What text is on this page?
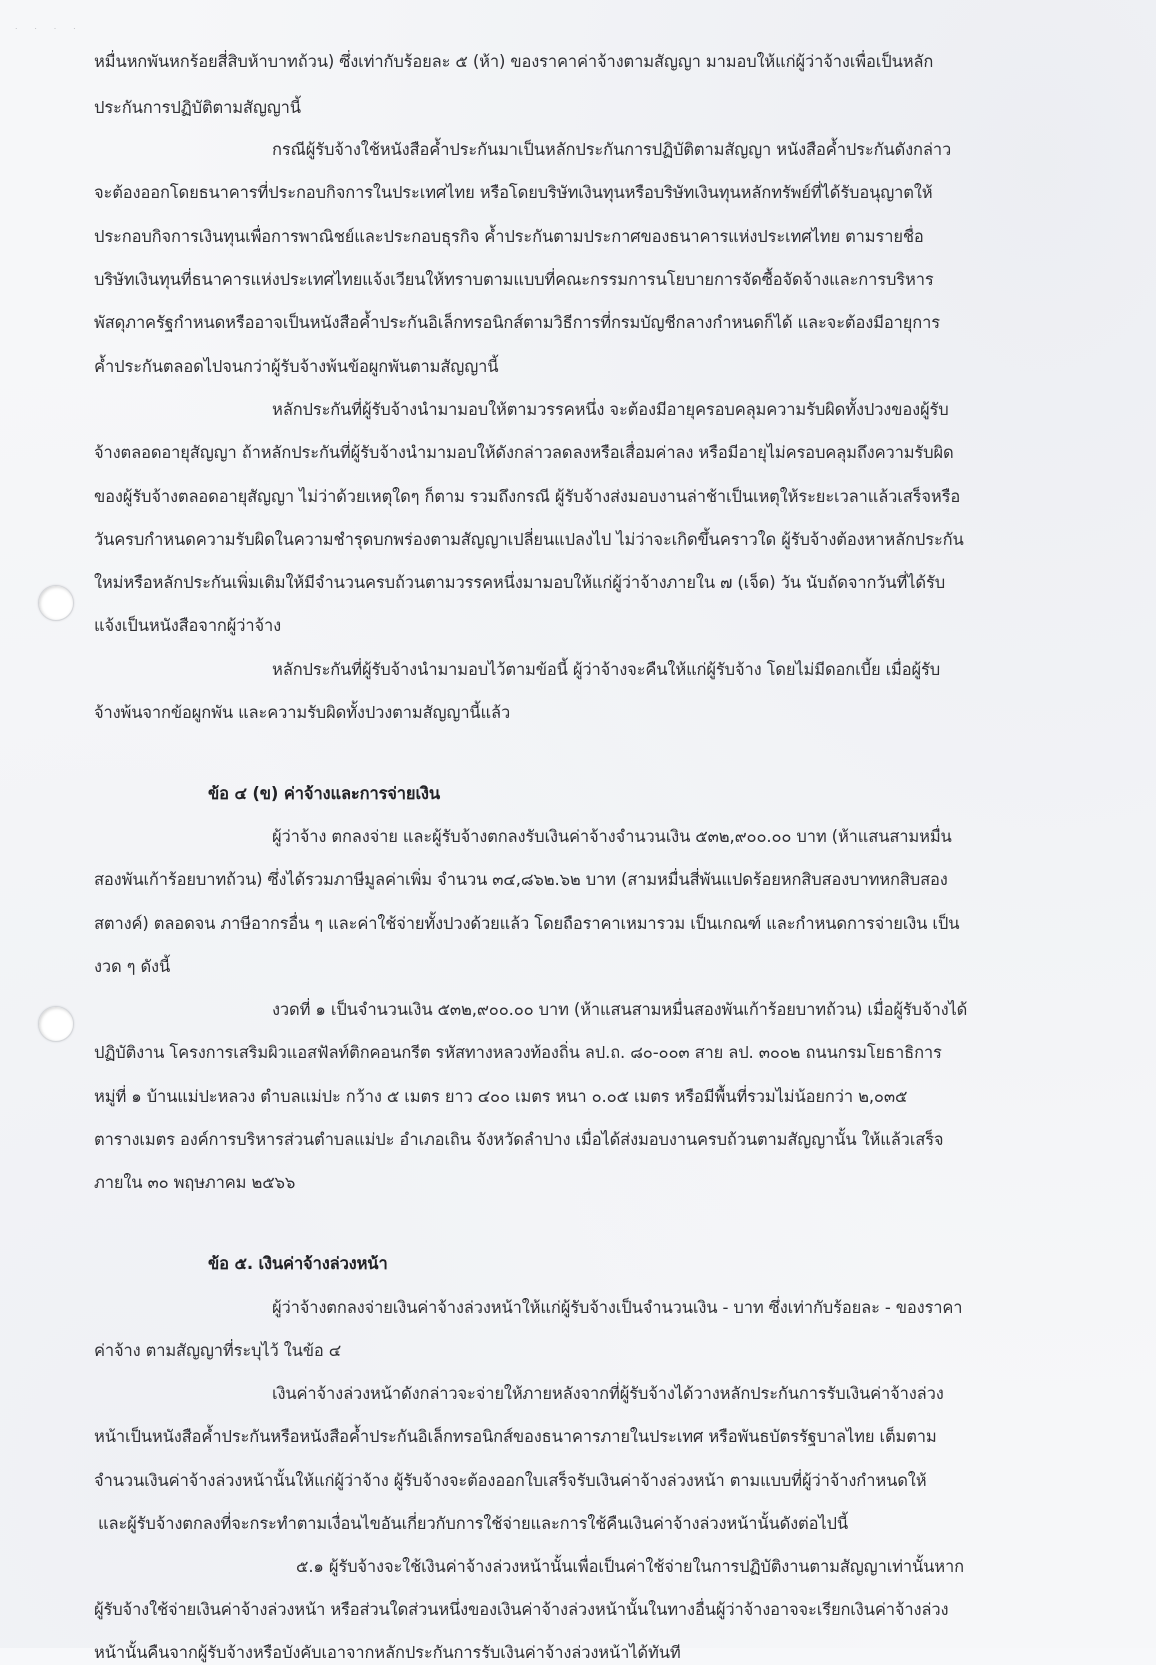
˙ ˙ ˙ ˙
หมื่นหกพันหกร้อยสี่สิบห้าบาทถ้วน) ซึ่งเท่ากับร้อยละ ๕ (ห้า) ของราคาค่าจ้างตามสัญญา มามอบให้แก่ผู้ว่าจ้างเพื่อเป็นหลัก
ประกันการปฏิบัติตามสัญญานี้
กรณีผู้รับจ้างใช้หนังสือค้ำประกันมาเป็นหลักประกันการปฏิบัติตามสัญญา หนังสือค้ำประกันดังกล่าว
จะต้องออกโดยธนาคารที่ประกอบกิจการในประเทศไทย หรือโดยบริษัทเงินทุนหรือบริษัทเงินทุนหลักทรัพย์ที่ได้รับอนุญาตให้
ประกอบกิจการเงินทุนเพื่อการพาณิชย์และประกอบธุรกิจ ค้ำประกันตามประกาศของธนาคารแห่งประเทศไทย ตามรายชื่อ
บริษัทเงินทุนที่ธนาคารแห่งประเทศไทยแจ้งเวียนให้ทราบตามแบบที่คณะกรรมการนโยบายการจัดซื้อจัดจ้างและการบริหาร
พัสดุภาครัฐกำหนดหรืออาจเป็นหนังสือค้ำประกันอิเล็กทรอนิกส์ตามวิธีการที่กรมบัญชีกลางกำหนดก็ได้ และจะต้องมีอายุการ
ค้ำประกันตลอดไปจนกว่าผู้รับจ้างพ้นข้อผูกพันตามสัญญานี้
หลักประกันที่ผู้รับจ้างนำมามอบให้ตามวรรคหนึ่ง จะต้องมีอายุครอบคลุมความรับผิดทั้งปวงของผู้รับ
จ้างตลอดอายุสัญญา ถ้าหลักประกันที่ผู้รับจ้างนำมามอบให้ดังกล่าวลดลงหรือเสื่อมค่าลง หรือมีอายุไม่ครอบคลุมถึงความรับผิด
ของผู้รับจ้างตลอดอายุสัญญา ไม่ว่าด้วยเหตุใดๆ ก็ตาม รวมถึงกรณี ผู้รับจ้างส่งมอบงานล่าช้าเป็นเหตุให้ระยะเวลาแล้วเสร็จหรือ
วันครบกำหนดความรับผิดในความชำรุดบกพร่องตามสัญญาเปลี่ยนแปลงไป ไม่ว่าจะเกิดขึ้นคราวใด ผู้รับจ้างต้องหาหลักประกัน
ใหม่หรือหลักประกันเพิ่มเติมให้มีจำนวนครบถ้วนตามวรรคหนึ่งมามอบให้แก่ผู้ว่าจ้างภายใน ๗ (เจ็ด) วัน นับถัดจากวันที่ได้รับ
แจ้งเป็นหนังสือจากผู้ว่าจ้าง
หลักประกันที่ผู้รับจ้างนำมามอบไว้ตามข้อนี้ ผู้ว่าจ้างจะคืนให้แก่ผู้รับจ้าง โดยไม่มีดอกเบี้ย เมื่อผู้รับ
จ้างพ้นจากข้อผูกพัน และความรับผิดทั้งปวงตามสัญญานี้แล้ว
ข้อ ๔ (ข) ค่าจ้างและการจ่ายเงิน
ผู้ว่าจ้าง ตกลงจ่าย และผู้รับจ้างตกลงรับเงินค่าจ้างจำนวนเงิน ๕๓๒,๙๐๐.๐๐ บาท (ห้าแสนสามหมื่น
สองพันเก้าร้อยบาทถ้วน) ซึ่งได้รวมภาษีมูลค่าเพิ่ม จำนวน ๓๔,๘๖๒.๖๒ บาท (สามหมื่นสี่พันแปดร้อยหกสิบสองบาทหกสิบสอง
สตางค์) ตลอดจน ภาษีอากรอื่น ๆ และค่าใช้จ่ายทั้งปวงด้วยแล้ว โดยถือราคาเหมารวม เป็นเกณฑ์ และกำหนดการจ่ายเงิน เป็น
งวด ๆ ดังนี้
งวดที่ ๑ เป็นจำนวนเงิน ๕๓๒,๙๐๐.๐๐ บาท (ห้าแสนสามหมื่นสองพันเก้าร้อยบาทถ้วน) เมื่อผู้รับจ้างได้
ปฏิบัติงาน โครงการเสริมผิวแอสฟัลท์ติกคอนกรีต รหัสทางหลวงท้องถิ่น ลป.ถ. ๘๐-๐๐๓ สาย ลป. ๓๐๐๒ ถนนกรมโยธาธิการ
หมู่ที่ ๑ บ้านแม่ปะหลวง ตำบลแม่ปะ กว้าง ๕ เมตร ยาว ๔๐๐ เมตร หนา ๐.๐๕ เมตร หรือมีพื้นที่รวมไม่น้อยกว่า ๒,๐๓๕
ตารางเมตร องค์การบริหารส่วนตำบลแม่ปะ อำเภอเถิน จังหวัดลำปาง เมื่อได้ส่งมอบงานครบถ้วนตามสัญญานั้น ให้แล้วเสร็จ
ภายใน ๓๐ พฤษภาคม ๒๕๖๖
ข้อ ๕. เงินค่าจ้างล่วงหน้า
ผู้ว่าจ้างตกลงจ่ายเงินค่าจ้างล่วงหน้าให้แก่ผู้รับจ้างเป็นจำนวนเงิน - บาท ซึ่งเท่ากับร้อยละ - ของราคา
ค่าจ้าง ตามสัญญาที่ระบุไว้ ในข้อ ๔
เงินค่าจ้างล่วงหน้าดังกล่าวจะจ่ายให้ภายหลังจากที่ผู้รับจ้างได้วางหลักประกันการรับเงินค่าจ้างล่วง
หน้าเป็นหนังสือค้ำประกันหรือหนังสือค้ำประกันอิเล็กทรอนิกส์ของธนาคารภายในประเทศ หรือพันธบัตรรัฐบาลไทย เต็มตาม
จำนวนเงินค่าจ้างล่วงหน้านั้นให้แก่ผู้ว่าจ้าง ผู้รับจ้างจะต้องออกใบเสร็จรับเงินค่าจ้างล่วงหน้า ตามแบบที่ผู้ว่าจ้างกำหนดให้
และผู้รับจ้างตกลงที่จะกระทำตามเงื่อนไขอันเกี่ยวกับการใช้จ่ายและการใช้คืนเงินค่าจ้างล่วงหน้านั้นดังต่อไปนี้
๕.๑ ผู้รับจ้างจะใช้เงินค่าจ้างล่วงหน้านั้นเพื่อเป็นค่าใช้จ่ายในการปฏิบัติงานตามสัญญาเท่านั้นหาก
ผู้รับจ้างใช้จ่ายเงินค่าจ้างล่วงหน้า หรือส่วนใดส่วนหนึ่งของเงินค่าจ้างล่วงหน้านั้นในทางอื่นผู้ว่าจ้างอาจจะเรียกเงินค่าจ้างล่วง
หน้านั้นคืนจากผู้รับจ้างหรือบังคับเอาจากหลักประกันการรับเงินค่าจ้างล่วงหน้าได้ทันที
